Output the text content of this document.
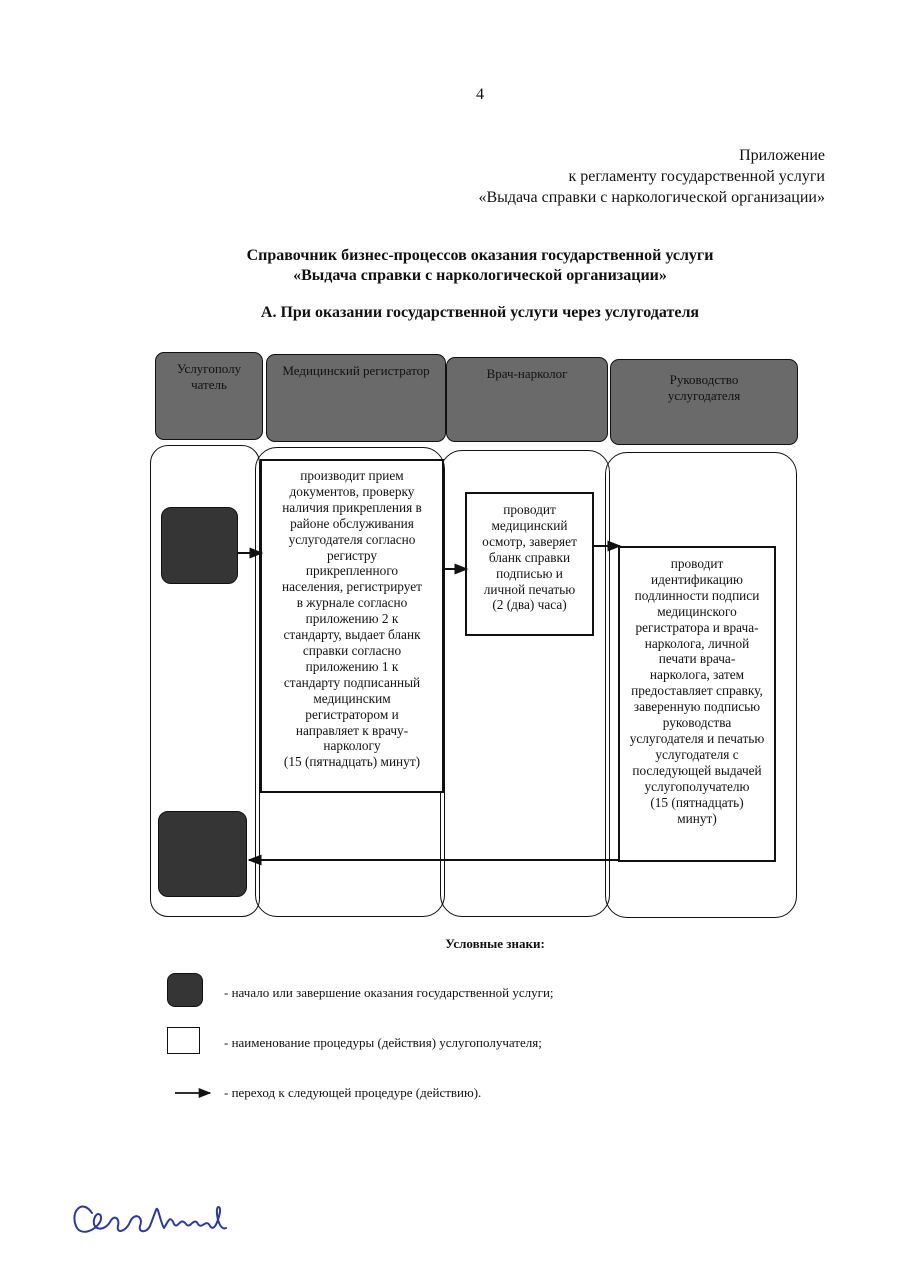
4
Приложение
к регламенту государственной услуги
«Выдача справки с наркологической организации»
Справочник бизнес-процессов оказания государственной услуги
«Выдача справки с наркологической организации»
А. При оказании государственной услуги через услугодателя
Услугополу
чатель
Медицинский регистратор	Врач-нарколог	Руководство
услугодателя
производит прием
документов, проверку
наличия прикрепления в
районе обслуживания
услугодателя согласно
регистру
прикрепленного
населения, регистрирует
в журнале согласно
приложению 2 к
стандарту, выдает бланк
справки согласно
приложению 1 к
стандарту подписанный
медицинским
регистратором и
направляет к врачу-
наркологу
(15 (пятнадцать) минут)
проводит
медицинский
осмотр, заверяет
бланк справки
подписью и
личной печатью
(2 (два) часа)
проводит
идентификацию
подлинности подписи
медицинского
регистратора и врача-
нарколога, личной
печати врача-
нарколога, затем
предоставляет справку,
заверенную подписью
руководства
услугодателя и печатью
услугодателя с
последующей выдачей
услугополучателю
(15 (пятнадцать)
минут)
Условные знаки:
- начало или завершение оказания государственной услуги;
- наименование процедуры (действия) услугополучателя;
- переход к следующей процедуре (действию).
